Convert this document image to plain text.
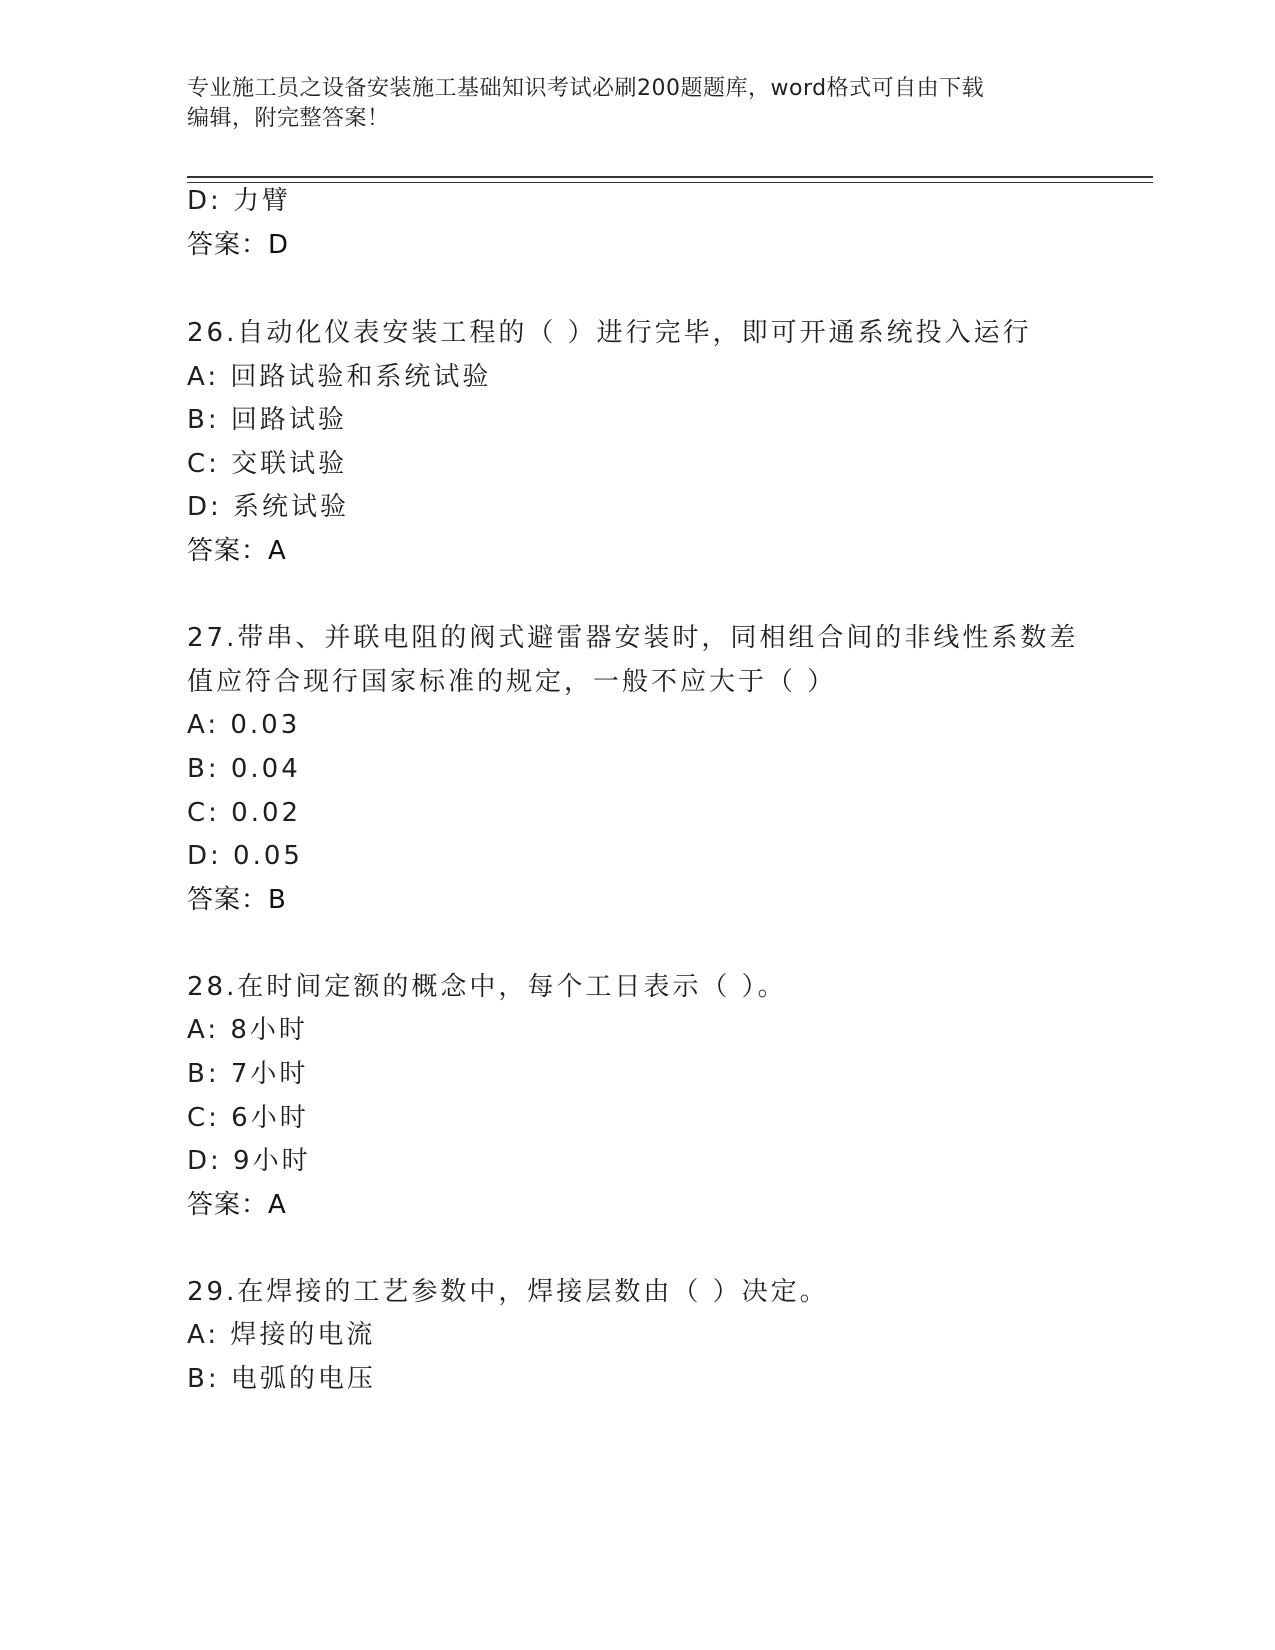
专业施工员之设备安装施工基础知识考试必刷200题题库，word格式可自由下载
编辑，附完整答案！
D: 力臂
答案：D
26.自动化仪表安装工程的（ ）进行完毕，即可开通系统投入运行
A: 回路试验和系统试验
B: 回路试验
C: 交联试验
D: 系统试验
答案：A
27.带串、并联电阻的阀式避雷器安装时，同相组合间的非线性系数差
值应符合现行国家标准的规定，一般不应大于（ ）
A: 0.03
B: 0.04
C: 0.02
D: 0.05
答案：B
28.在时间定额的概念中，每个工日表示（ ）。
A: 8小时
B: 7小时
C: 6小时
D: 9小时
答案：A
29.在焊接的工艺参数中，焊接层数由（ ）决定。
A: 焊接的电流
B: 电弧的电压
